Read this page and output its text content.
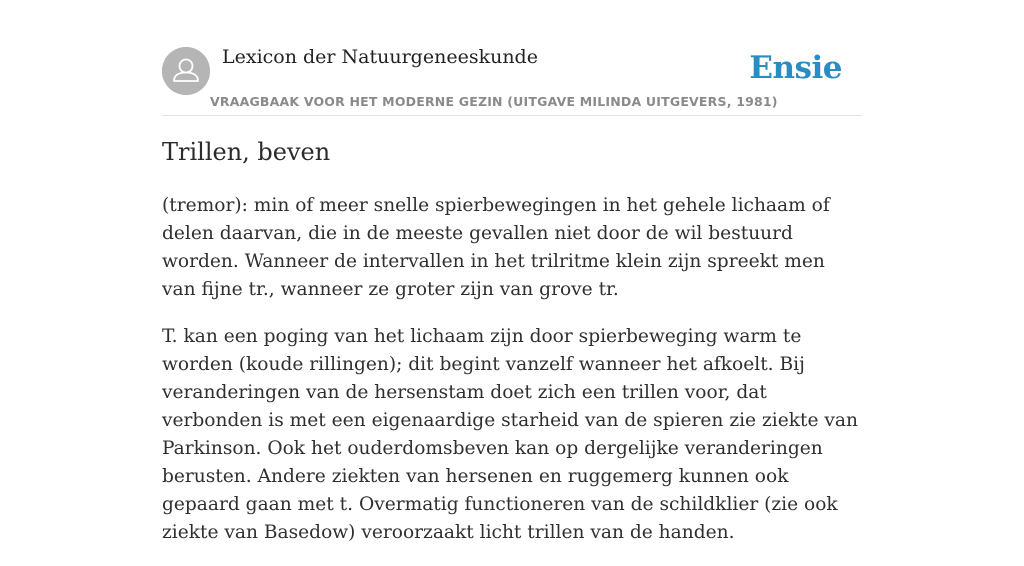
Lexicon der Natuurgeneeskunde
VRAAGBAAK VOOR HET MODERNE GEZIN (UITGAVE MILINDA UITGEVERS, 1981)
Ensie
Trillen, beven

(tremor): min of meer snelle spierbewegingen in het gehele lichaam of delen daarvan, die in de meeste gevallen niet door de wil bestuurd worden. Wanneer de intervallen in het trilritme klein zijn spreekt men van fijne tr., wanneer ze groter zijn van grove tr.

T. kan een poging van het lichaam zijn door spierbeweging warm te worden (koude rillingen); dit begint vanzelf wanneer het afkoelt. Bij veranderingen van de hersenstam doet zich een trillen voor, dat verbonden is met een eigenaardige starheid van de spieren zie ziekte van Parkinson. Ook het ouderdomsbeven kan op dergelijke veranderingen berusten. Andere ziekten van hersenen en ruggemerg kunnen ook gepaard gaan met t. Overmatig functioneren van de schildklier (zie ook ziekte van Basedow) veroorzaakt licht trillen van de handen.
